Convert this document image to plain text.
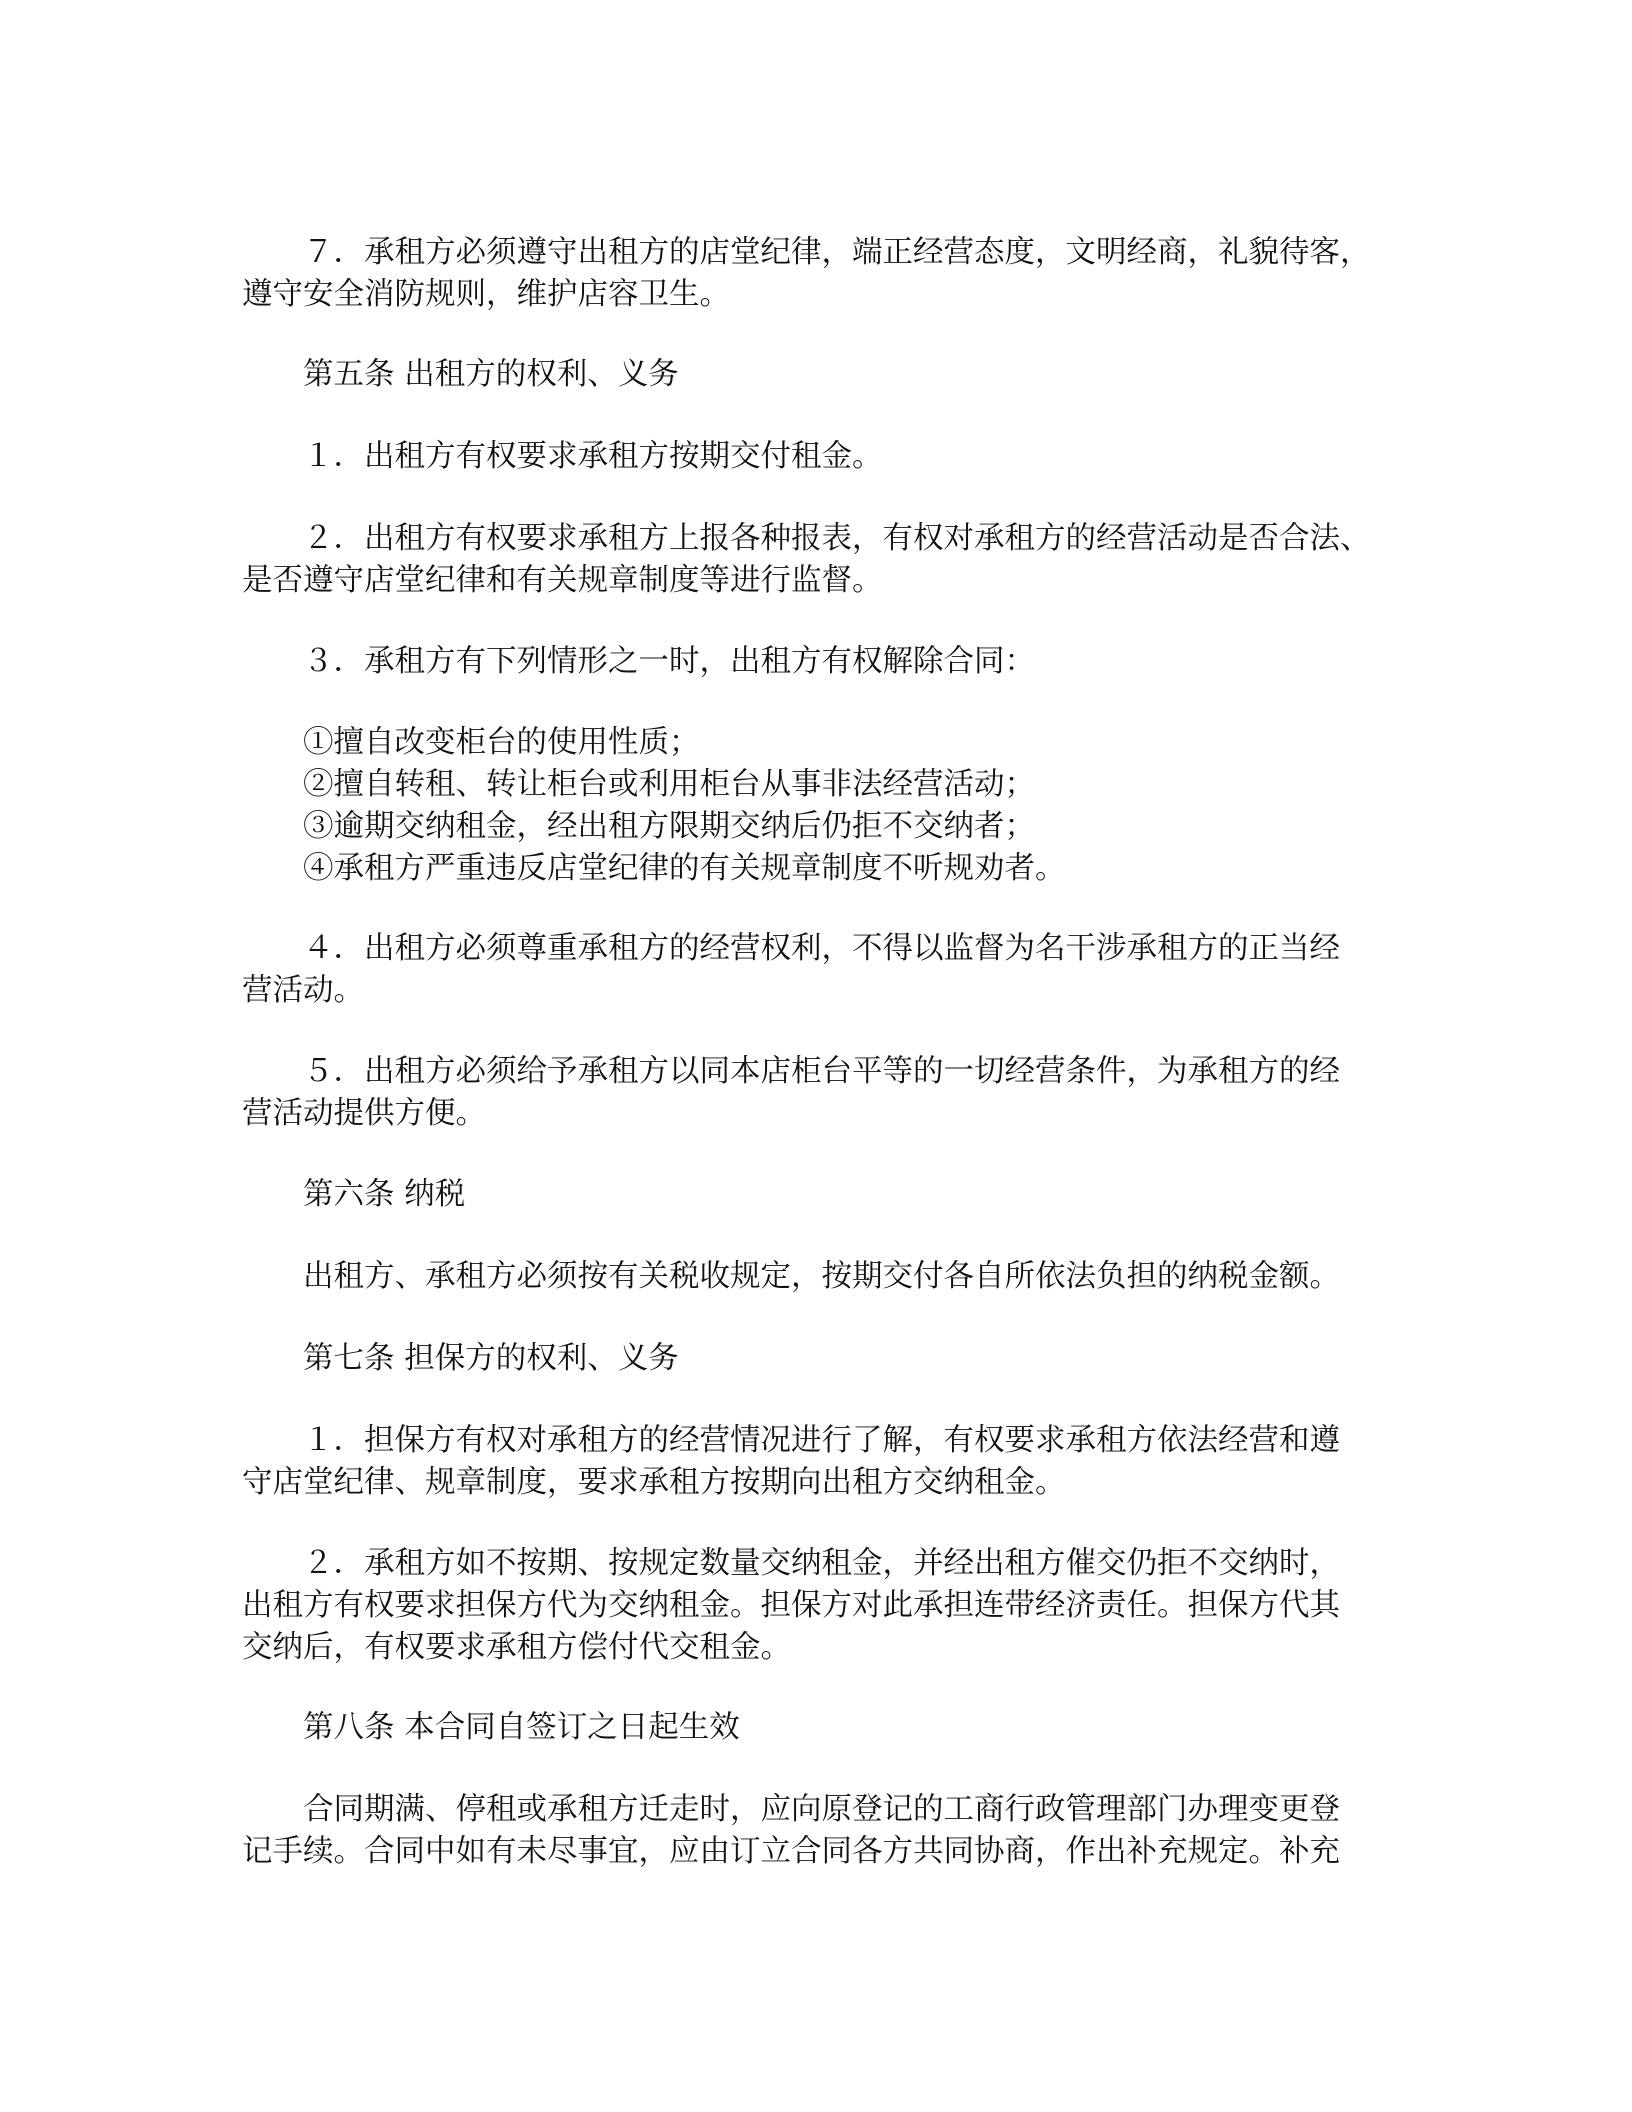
　　７．承租方必须遵守出租方的店堂纪律，端正经营态度，文明经商，礼貌待客，
遵守安全消防规则，维护店容卫生。
　　第五条 出租方的权利、义务
　　１．出租方有权要求承租方按期交付租金。
　　２．出租方有权要求承租方上报各种报表，有权对承租方的经营活动是否合法、
是否遵守店堂纪律和有关规章制度等进行监督。
　　３．承租方有下列情形之一时，出租方有权解除合同：
　　①擅自改变柜台的使用性质；
　　②擅自转租、转让柜台或利用柜台从事非法经营活动；
　　③逾期交纳租金，经出租方限期交纳后仍拒不交纳者；
　　④承租方严重违反店堂纪律的有关规章制度不听规劝者。
　　４．出租方必须尊重承租方的经营权利，不得以监督为名干涉承租方的正当经
营活动。
　　５．出租方必须给予承租方以同本店柜台平等的一切经营条件，为承租方的经
营活动提供方便。
　　第六条 纳税
　　出租方、承租方必须按有关税收规定，按期交付各自所依法负担的纳税金额。
　　第七条 担保方的权利、义务
　　１．担保方有权对承租方的经营情况进行了解，有权要求承租方依法经营和遵
守店堂纪律、规章制度，要求承租方按期向出租方交纳租金。
　　２．承租方如不按期、按规定数量交纳租金，并经出租方催交仍拒不交纳时，
出租方有权要求担保方代为交纳租金。担保方对此承担连带经济责任。担保方代其
交纳后，有权要求承租方偿付代交租金。
　　第八条 本合同自签订之日起生效
　　合同期满、停租或承租方迁走时，应向原登记的工商行政管理部门办理变更登
记手续。合同中如有未尽事宜，应由订立合同各方共同协商，作出补充规定。补充
